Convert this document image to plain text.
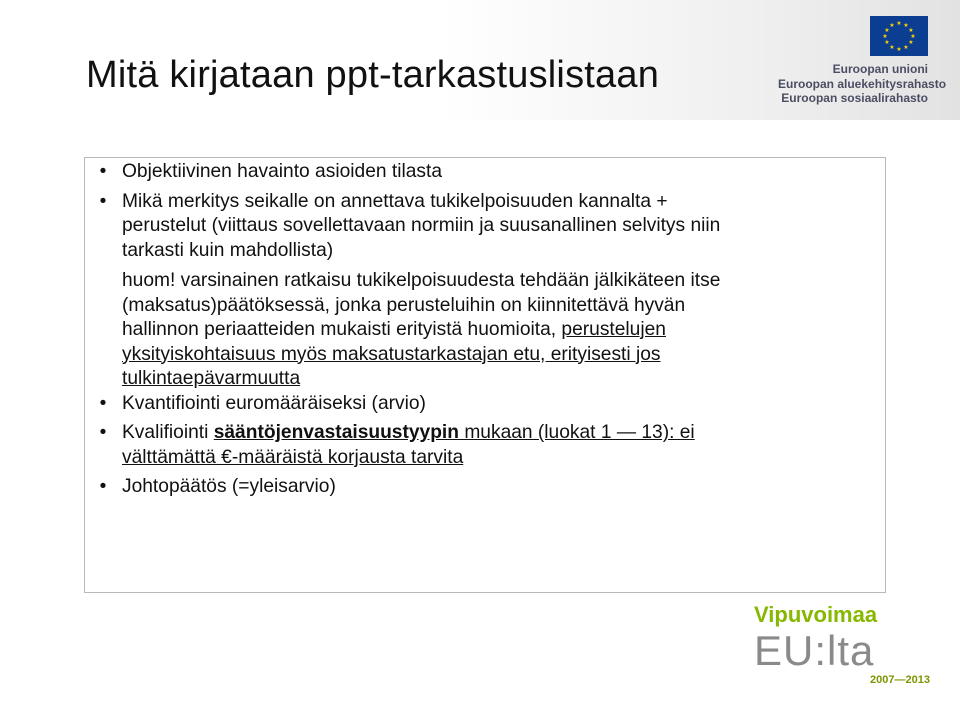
Mitä kirjataan ppt-tarkastuslistaan
★ ★
★
★
★
★
★
★
★
★
★
★
Euroopan unioni
Euroopan aluekehitysrahasto
Euroopan sosiaalirahasto
• Objektiivinen havainto asioiden tilasta
• Mikä merkitys seikalle on annettava tukikelpoisuuden kannalta +
perustelut (viittaus sovellettavaan normiin ja suusanallinen selvitys niin
tarkasti kuin mahdollista)
huom! varsinainen ratkaisu tukikelpoisuudesta tehdään jälkikäteen itse
(maksatus)päätöksessä, jonka perusteluihin on kiinnitettävä hyvän
hallinnon periaatteiden mukaisti erityistä huomioita, perustelujen
yksityiskohtaisuus myös maksatustarkastajan etu, erityisesti jos
tulkintaepävarmuutta
• Kvantifiointi euromääräiseksi (arvio)
• Kvalifiointi sääntöjenvastaisuustyypin mukaan (luokat 1 — 13): ei
välttämättä €-määräistä korjausta tarvita
• Johtopäätös (=yleisarvio)
Vipuvoimaa
EU:lta
2007—2013
